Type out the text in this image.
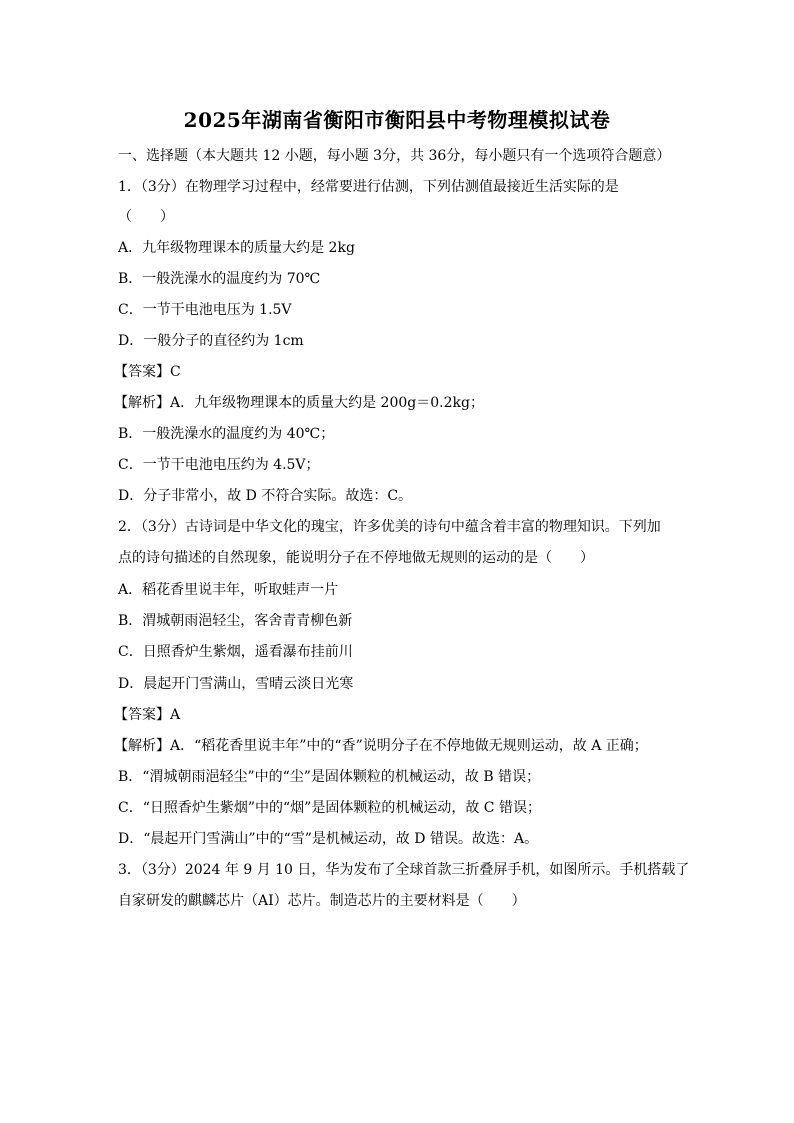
2025年湖南省衡阳市衡阳县中考物理模拟试卷
一、选择题（本大题共 12 小题，每小题 3分，共 36分，每小题只有一个选项符合题意）
1．（3分）在物理学习过程中，经常要进行估测，下列估测值最接近生活实际的是
（　　）
A．九年级物理课本的质量大约是 2kg
B．一般洗澡水的温度约为 70℃
C．一节干电池电压为 1.5V
D．一般分子的直径约为 1cm
【答案】C
【解析】A．九年级物理课本的质量大约是 200g＝0.2kg；
B．一般洗澡水的温度约为 40℃；
C．一节干电池电压约为 4.5V；
D．分子非常小，故 D 不符合实际。故选：C。
2．（3分）古诗词是中华文化的瑰宝，许多优美的诗句中蕴含着丰富的物理知识。下列加
点的诗句描述的自然现象，能说明分子在不停地做无规则的运动的是（　　）
A．稻花香里说丰年，听取蛙声一片
B．渭城朝雨浥轻尘，客舍青青柳色新
C．日照香炉生紫烟，遥看瀑布挂前川
D．晨起开门雪满山，雪晴云淡日光寒
【答案】A
【解析】A．“稻花香里说丰年”中的“香”说明分子在不停地做无规则运动，故 A 正确；
B．“渭城朝雨浥轻尘”中的“尘”是固体颗粒的机械运动，故 B 错误；
C．“日照香炉生紫烟”中的“烟”是固体颗粒的机械运动，故 C 错误；
D．“晨起开门雪满山”中的“雪”是机械运动，故 D 错误。故选：A。
3．（3分）2024 年 9 月 10 日，华为发布了全球首款三折叠屏手机，如图所示。手机搭载了
自家研发的麒麟芯片（AI）芯片。制造芯片的主要材料是（　　）
